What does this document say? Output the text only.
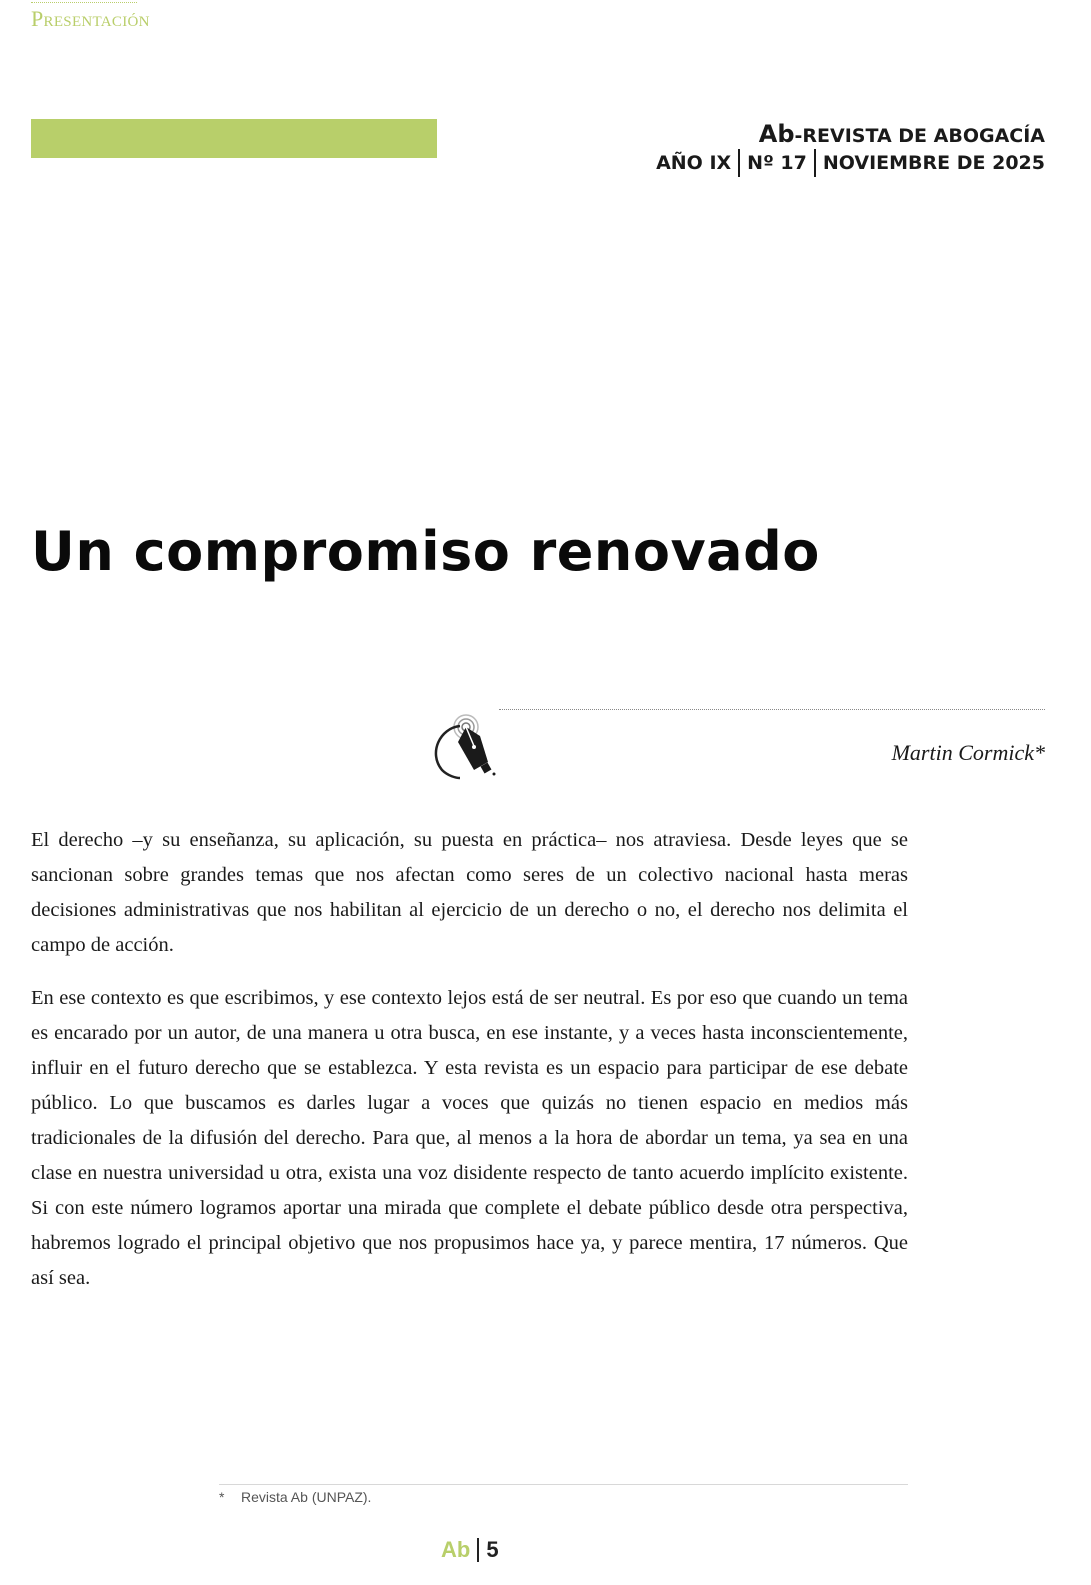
Presentación
Ab-REVISTA DE ABOGACÍA
AÑO IX Nº 17 NOVIEMBRE DE 2025
Un compromiso renovado
Martin Cormick*

El derecho –y su enseñanza, su aplicación, su puesta en práctica– nos atraviesa. Desde leyes que se sancionan sobre grandes temas que nos afectan como seres de un colectivo nacional hasta meras decisiones administrativas que nos habilitan al ejercicio de un derecho o no, el derecho nos delimita el campo de acción.

En ese contexto es que escribimos, y ese contexto lejos está de ser neutral. Es por eso que cuando un tema es encarado por un autor, de una manera u otra busca, en ese instante, y a veces hasta inconscientemente, influir en el futuro derecho que se establezca. Y esta revista es un espacio para participar de ese debate público. Lo que buscamos es darles lugar a voces que quizás no tienen espacio en medios más tradicionales de la difusión del derecho. Para que, al menos a la hora de abordar un tema, ya sea en una clase en nuestra universidad u otra, exista una voz disidente respecto de tanto acuerdo implícito existente. Si con este número logramos aportar una mirada que complete el debate público desde otra perspectiva, habremos logrado el principal objetivo que nos propusimos hace ya, y parece mentira, 17 números. Que así sea.

* Revista Ab (UNPAZ).
Ab 5
